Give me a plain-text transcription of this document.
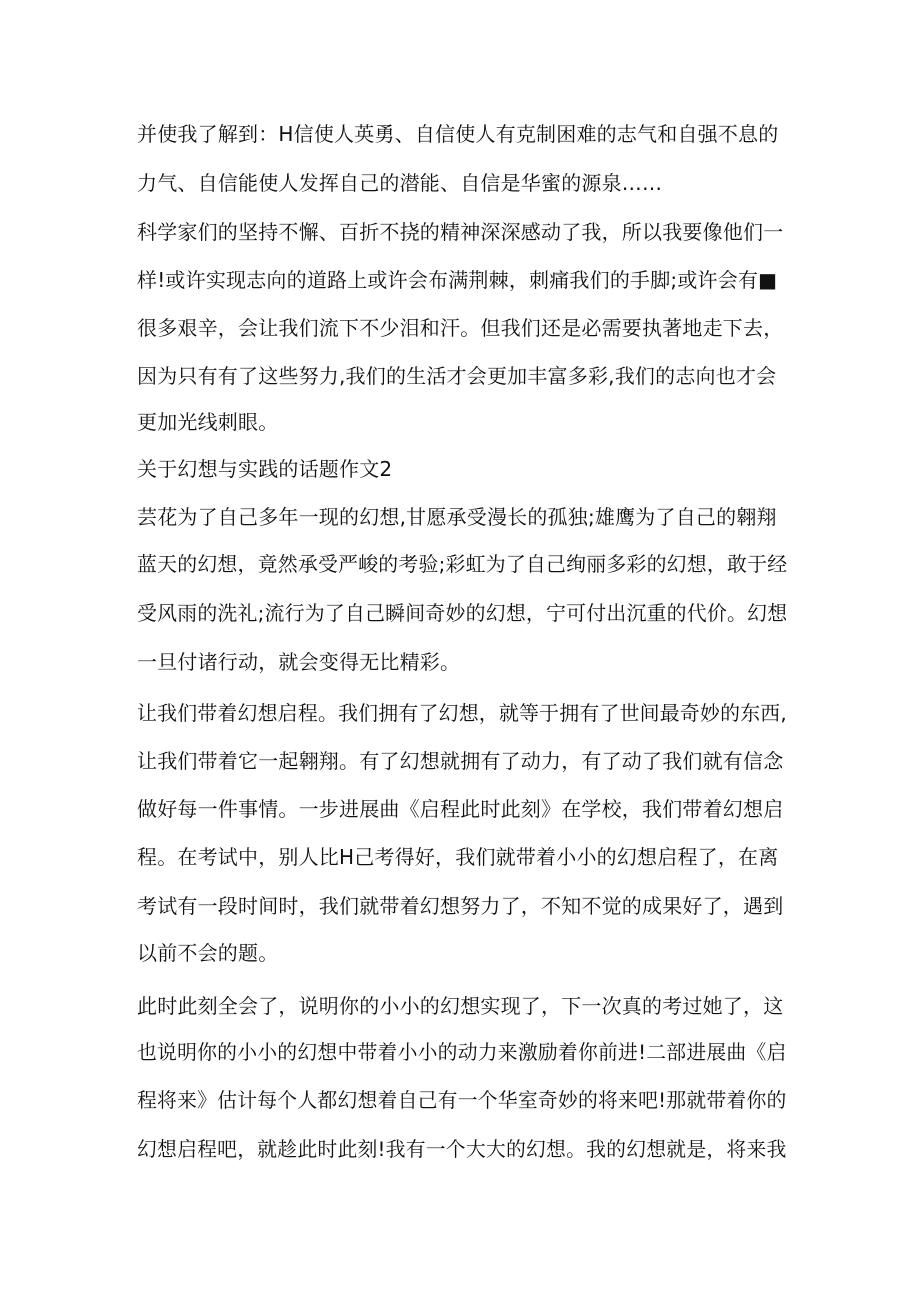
并使我了解到：H信使人英勇、自信使人有克制困难的志气和自强不息的
力气、自信能使人发挥自己的潜能、自信是华蜜的源泉……
科学家们的坚持不懈、百折不挠的精神深深感动了我，所以我要像他们一
样!或许实现志向的道路上或许会布满荆棘，刺痛我们的手脚;或许会有■
很多艰辛，会让我们流下不少泪和汗。但我们还是必需要执著地走下去，
因为只有有了这些努力,我们的生活才会更加丰富多彩,我们的志向也才会
更加光线刺眼。
关于幻想与实践的话题作文2
芸花为了自己多年一现的幻想,甘愿承受漫长的孤独;雄鹰为了自己的翱翔
蓝天的幻想，竟然承受严峻的考验;彩虹为了自己绚丽多彩的幻想，敢于经
受风雨的洗礼;流行为了自己瞬间奇妙的幻想，宁可付出沉重的代价。幻想
一旦付诸行动，就会变得无比精彩。
让我们带着幻想启程。我们拥有了幻想，就等于拥有了世间最奇妙的东西,
让我们带着它一起翱翔。有了幻想就拥有了动力，有了动了我们就有信念
做好每一件事情。一步进展曲《启程此时此刻》在学校，我们带着幻想启
程。在考试中，别人比H己考得好，我们就带着小小的幻想启程了，在离
考试有一段时间时，我们就带着幻想努力了，不知不觉的成果好了，遇到
以前不会的题。
此时此刻全会了，说明你的小小的幻想实现了，下一次真的考过她了，这
也说明你的小小的幻想中带着小小的动力来激励着你前进!二部进展曲《启
程将来》估计每个人都幻想着自己有一个华室奇妙的将来吧!那就带着你的
幻想启程吧，就趁此时此刻!我有一个大大的幻想。我的幻想就是，将来我
